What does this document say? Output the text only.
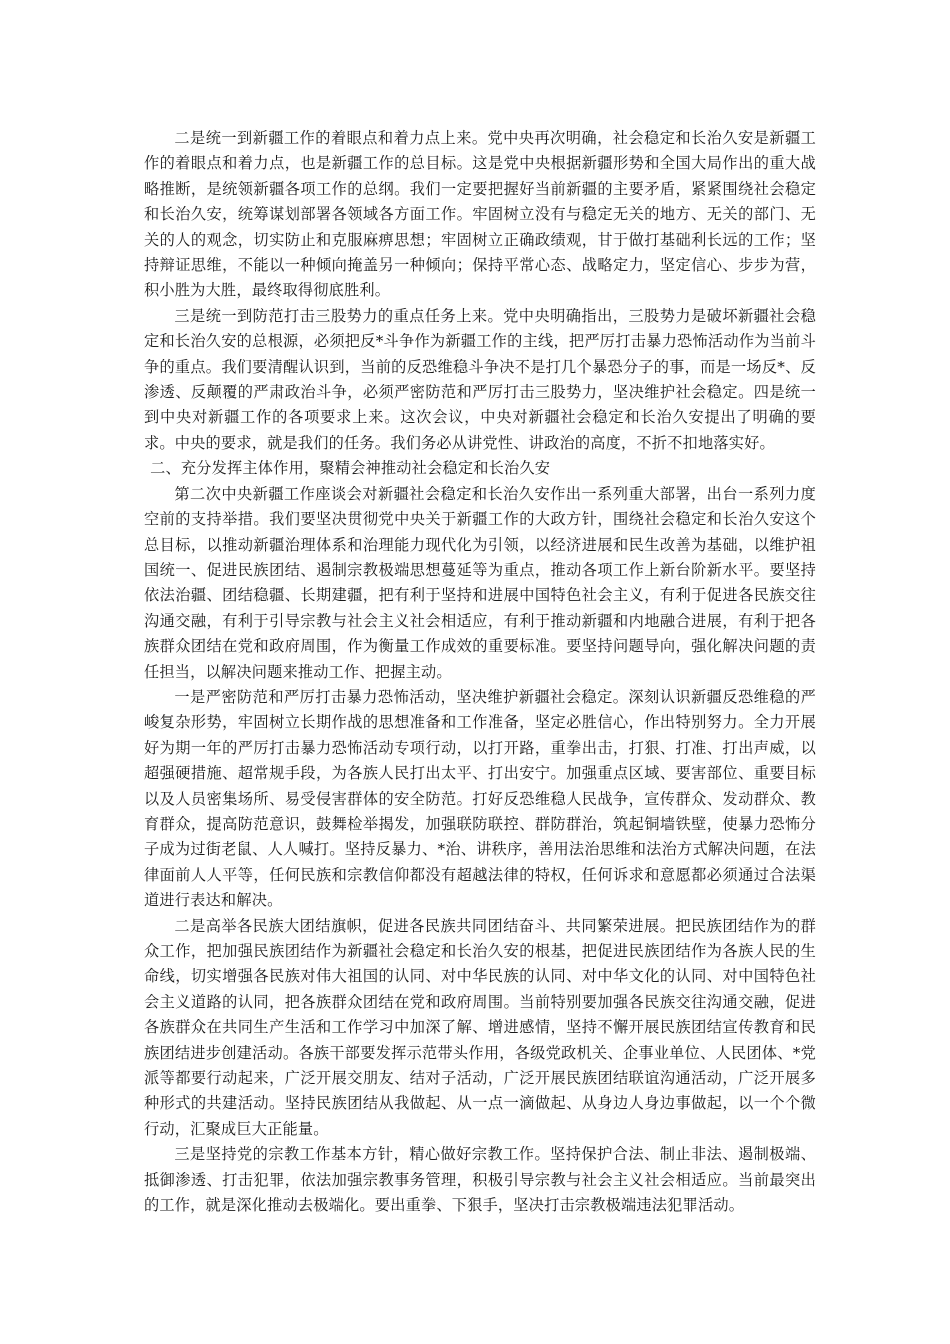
二是统一到新疆工作的着眼点和着力点上来。党中央再次明确，社会稳定和长治久安是新疆工作的着眼点和着力点，也是新疆工作的总目标。这是党中央根据新疆形势和全国大局作出的重大战略推断，是统领新疆各项工作的总纲。我们一定要把握好当前新疆的主要矛盾，紧紧围绕社会稳定和长治久安，统筹谋划部署各领域各方面工作。牢固树立没有与稳定无关的地方、无关的部门、无关的人的观念，切实防止和克服麻痹思想；牢固树立正确政绩观，甘于做打基础利长远的工作；坚持辩证思维，不能以一种倾向掩盖另一种倾向；保持平常心态、战略定力，坚定信心、步步为营，积小胜为大胜，最终取得彻底胜利。

三是统一到防范打击三股势力的重点任务上来。党中央明确指出，三股势力是破坏新疆社会稳定和长治久安的总根源，必须把反*斗争作为新疆工作的主线，把严厉打击暴力恐怖活动作为当前斗争的重点。我们要清醒认识到，当前的反恐维稳斗争决不是打几个暴恐分子的事，而是一场反*、反渗透、反颠覆的严肃政治斗争，必须严密防范和严厉打击三股势力，坚决维护社会稳定。四是统一到中央对新疆工作的各项要求上来。这次会议，中央对新疆社会稳定和长治久安提出了明确的要求。中央的要求，就是我们的任务。我们务必从讲党性、讲政治的高度，不折不扣地落实好。

二、充分发挥主体作用，聚精会神推动社会稳定和长治久安

第二次中央新疆工作座谈会对新疆社会稳定和长治久安作出一系列重大部署，出台一系列力度空前的支持举措。我们要坚决贯彻党中央关于新疆工作的大政方针，围绕社会稳定和长治久安这个总目标，以推动新疆治理体系和治理能力现代化为引领，以经济进展和民生改善为基础，以维护祖国统一、促进民族团结、遏制宗教极端思想蔓延等为重点，推动各项工作上新台阶新水平。要坚持依法治疆、团结稳疆、长期建疆，把有利于坚持和进展中国特色社会主义，有利于促进各民族交往沟通交融，有利于引导宗教与社会主义社会相适应，有利于推动新疆和内地融合进展，有利于把各族群众团结在党和政府周围，作为衡量工作成效的重要标准。要坚持问题导向，强化解决问题的责任担当，以解决问题来推动工作、把握主动。

一是严密防范和严厉打击暴力恐怖活动，坚决维护新疆社会稳定。深刻认识新疆反恐维稳的严峻复杂形势，牢固树立长期作战的思想准备和工作准备，坚定必胜信心，作出特别努力。全力开展好为期一年的严厉打击暴力恐怖活动专项行动，以打开路，重拳出击，打狠、打准、打出声威，以超强硬措施、超常规手段，为各族人民打出太平、打出安宁。加强重点区域、要害部位、重要目标以及人员密集场所、易受侵害群体的安全防范。打好反恐维稳人民战争，宣传群众、发动群众、教育群众，提高防范意识，鼓舞检举揭发，加强联防联控、群防群治，筑起铜墙铁壁，使暴力恐怖分子成为过街老鼠、人人喊打。坚持反暴力、*治、讲秩序，善用法治思维和法治方式解决问题，在法律面前人人平等，任何民族和宗教信仰都没有超越法律的特权，任何诉求和意愿都必须通过合法渠道进行表达和解决。

二是高举各民族大团结旗帜，促进各民族共同团结奋斗、共同繁荣进展。把民族团结作为的群众工作，把加强民族团结作为新疆社会稳定和长治久安的根基，把促进民族团结作为各族人民的生命线，切实增强各民族对伟大祖国的认同、对中华民族的认同、对中华文化的认同、对中国特色社会主义道路的认同，把各族群众团结在党和政府周围。当前特别要加强各民族交往沟通交融，促进各族群众在共同生产生活和工作学习中加深了解、增进感情，坚持不懈开展民族团结宣传教育和民族团结进步创建活动。各族干部要发挥示范带头作用，各级党政机关、企事业单位、人民团体、*党派等都要行动起来，广泛开展交朋友、结对子活动，广泛开展民族团结联谊沟通活动，广泛开展多种形式的共建活动。坚持民族团结从我做起、从一点一滴做起、从身边人身边事做起，以一个个微行动，汇聚成巨大正能量。

三是坚持党的宗教工作基本方针，精心做好宗教工作。坚持保护合法、制止非法、遏制极端、抵御渗透、打击犯罪，依法加强宗教事务管理，积极引导宗教与社会主义社会相适应。当前最突出的工作，就是深化推动去极端化。要出重拳、下狠手，坚决打击宗教极端违法犯罪活动。
